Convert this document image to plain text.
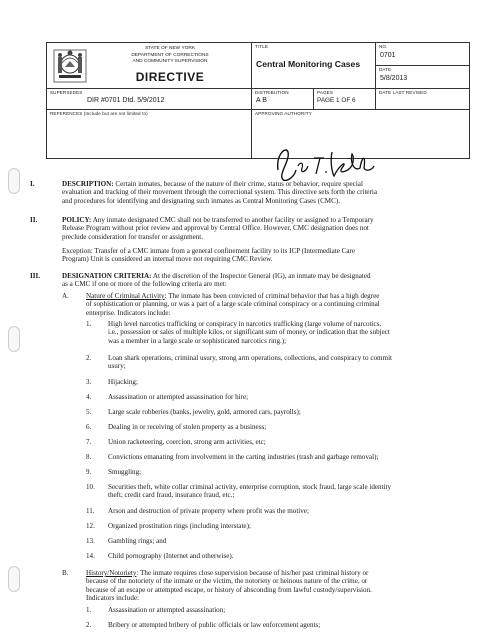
STATE OF NEW YORK
DEPARTMENT OF CORRECTIONS
AND COMMUNITY SUPERVISION
DIRECTIVE
TITLE
Central Monitoring Cases
NO.
0701
DATE
5/8/2013
SUPERSEDES
DIR #0701 Dtd. 5/9/2012
DISTRIBUTION
A B
PAGES
PAGE 1 OF 6
DATE LAST REVISED
REFERENCES (Include but are not limited to)	APPROVING AUTHORITY
I.	DESCRIPTION: Certain inmates, because of the nature of their crime, status or behavior, require special
evaluation and tracking of their movement through the correctional system. This directive sets forth the criteria
and procedures for identifying and designating such inmates as Central Monitoring Cases (CMC).
II.	POLICY: Any inmate designated CMC shall not be transferred to another facility or assigned to a Temporary
Release Program without prior review and approval by Central Office. However, CMC designation does not
preclude consideration for transfer or assignment.
Exception: Transfer of a CMC inmate from a general confinement facility to its ICP (Intermediate Care
Program) Unit is considered an internal move not requiring CMC Review.
III.	DESIGNATION CRITERIA: At the discretion of the Inspector General (IG), an inmate may be designated
as a CMC if one or more of the following criteria are met:
A. Nature of Criminal Activity: The inmate has been convicted of criminal behavior that has a high degree
of sophistication or planning, or was a part of a large scale criminal conspiracy or a continuing criminal
enterprise. Indicators include:
1. High level narcotics trafficking or conspiracy in narcotics trafficking (large volume of narcotics,
i.e., possession or sales of multiple kilos, or significant sum of money, or indication that the subject
was a member in a large scale or sophisticated narcotics ring.);
2. Loan shark operations, criminal usury, strong arm operations, collections, and conspiracy to commit
usury;
3. Hijacking;
4. Assassination or attempted assassination for hire;
5. Large scale robberies (banks, jewelry, gold, armored cars, payrolls);
6. Dealing in or receiving of stolen property as a business;
7. Union racketeering, coercion, strong arm activities, etc;
8. Convictions emanating from involvement in the carting industries (trash and garbage removal);
9. Smuggling;
10. Securities theft, white collar criminal activity, enterprise corruption, stock fraud, large scale identity
theft, credit card fraud, insurance fraud, etc.;
11. Arson and destruction of private property where profit was the motive;
12. Organized prostitution rings (including interstate);
13. Gambling rings; and
14. Child pornography (Internet and otherwise).
B. History/Notoriety: The inmate requires close supervision because of his/her past criminal history or
because of the notoriety of the inmate or the victim, the notoriety or heinous nature of the crime, or
because of an escape or attempted escape, or history of absconding from lawful custody/supervision.
Indicators include:
1. Assassination or attempted assassination;
2. Bribery or attempted bribery of public officials or law enforcement agents;
